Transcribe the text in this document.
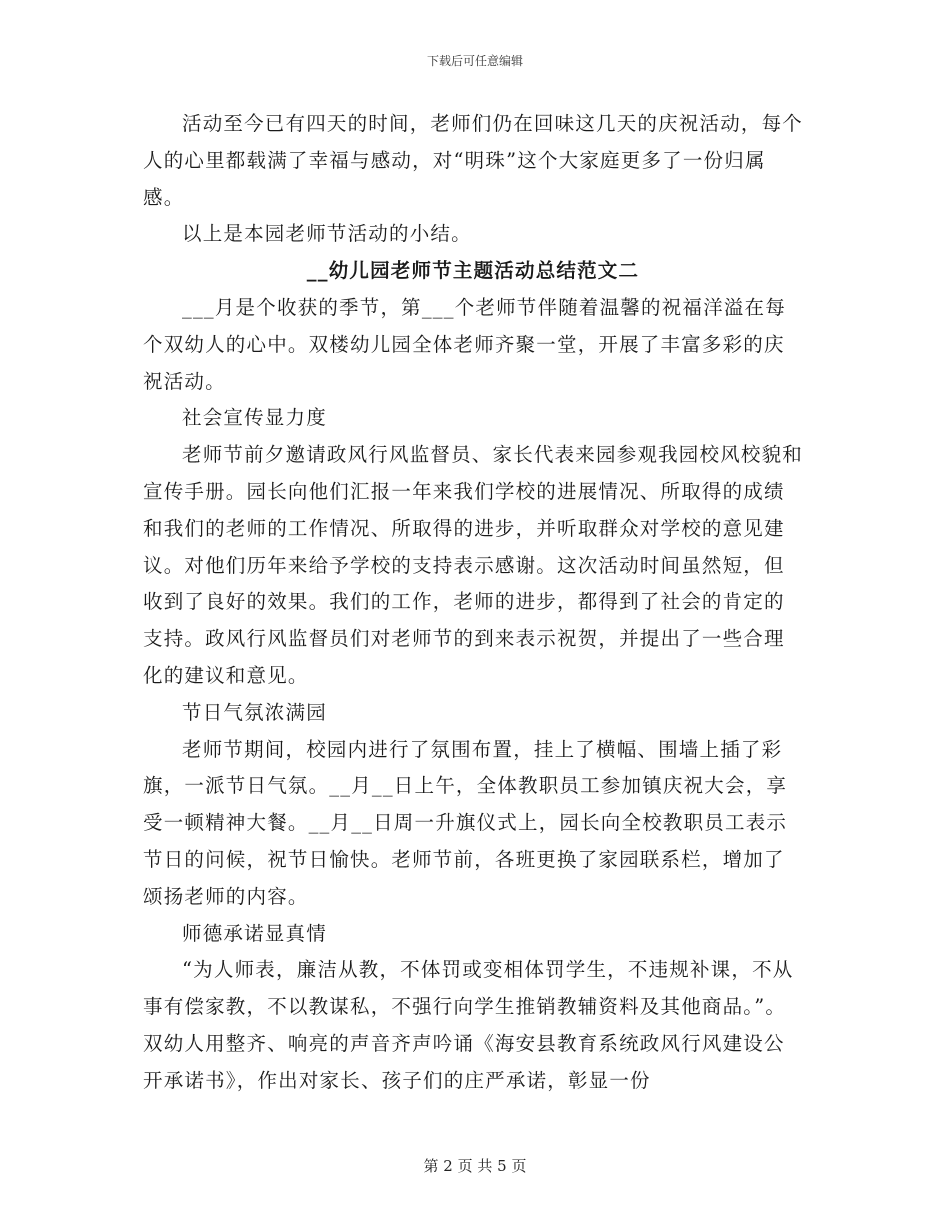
下载后可任意编辑

活动至今已有四天的时间，老师们仍在回味这几天的庆祝活动，每个人的心里都载满了幸福与感动，对“明珠”这个大家庭更多了一份归属感。

以上是本园老师节活动的小结。

__幼儿园老师节主题活动总结范文二

___月是个收获的季节，第___个老师节伴随着温馨的祝福洋溢在每个双幼人的心中。双楼幼儿园全体老师齐聚一堂，开展了丰富多彩的庆祝活动。

社会宣传显力度

老师节前夕邀请政风行风监督员、家长代表来园参观我园校风校貌和宣传手册。园长向他们汇报一年来我们学校的进展情况、所取得的成绩和我们的老师的工作情况、所取得的进步，并听取群众对学校的意见建议。对他们历年来给予学校的支持表示感谢。这次活动时间虽然短，但收到了良好的效果。我们的工作，老师的进步，都得到了社会的肯定的支持。政风行风监督员们对老师节的到来表示祝贺，并提出了一些合理化的建议和意见。

节日气氛浓满园

老师节期间，校园内进行了氛围布置，挂上了横幅、围墙上插了彩旗，一派节日气氛。__月__日上午，全体教职员工参加镇庆祝大会，享受一顿精神大餐。__月__日周一升旗仪式上，园长向全校教职员工表示节日的问候，祝节日愉快。老师节前，各班更换了家园联系栏，增加了颂扬老师的内容。

师德承诺显真情

“为人师表，廉洁从教，不体罚或变相体罚学生，不违规补课，不从事有偿家教，不以教谋私，不强行向学生推销教辅资料及其他商品。”。双幼人用整齐、响亮的声音齐声吟诵《海安县教育系统政风行风建设公开承诺书》，作出对家长、孩子们的庄严承诺，彰显一份

第 2 页 共 5 页
